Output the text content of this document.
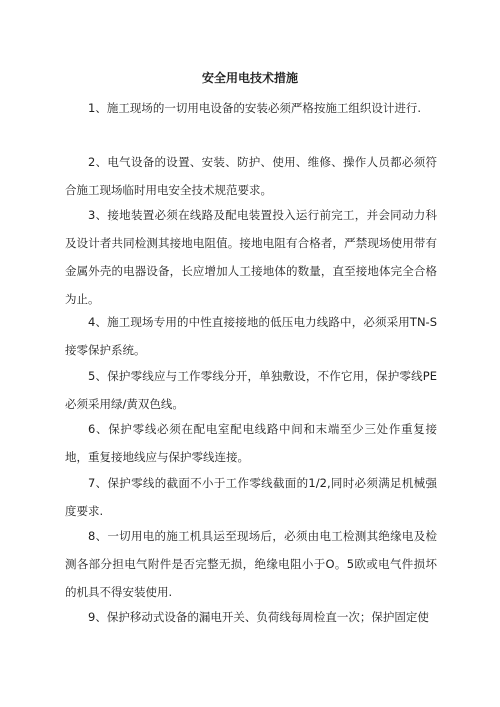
安全用电技术措施

1、施工现场的一切用电设备的安装必须严格按施工组织设计进行.

2、电气设备的设置、安装、防护、使用、维修、操作人员都必须符合施工现场临时用电安全技术规范要求。

3、接地装置必须在线路及配电装置投入运行前完工，并会同动力科及设计者共同检测其接地电阻值。接地电阻有合格者，严禁现场使用带有金属外壳的电器设备，长应增加人工接地体的数量，直至接地体完全合格为止。

4、施工现场专用的中性直接接地的低压电力线路中，必须采用TN-S接零保护系统。

5、保护零线应与工作零线分开，单独敷设，不作它用，保护零线PE必须采用绿/黄双色线。

6、保护零线必须在配电室配电线路中间和末端至少三处作重复接地，重复接地线应与保护零线连接。

7、保护零线的截面不小于工作零线截面的1/2,同时必须满足机械强度要求.

8、一切用电的施工机具运至现场后，必须由电工检测其绝缘电及检测各部分担电气附件是否完整无损，绝缘电阻小于O。5欧或电气件损坏的机具不得安装使用.

9、保护移动式设备的漏电开关、负荷线每周检直一次；保护固定使
